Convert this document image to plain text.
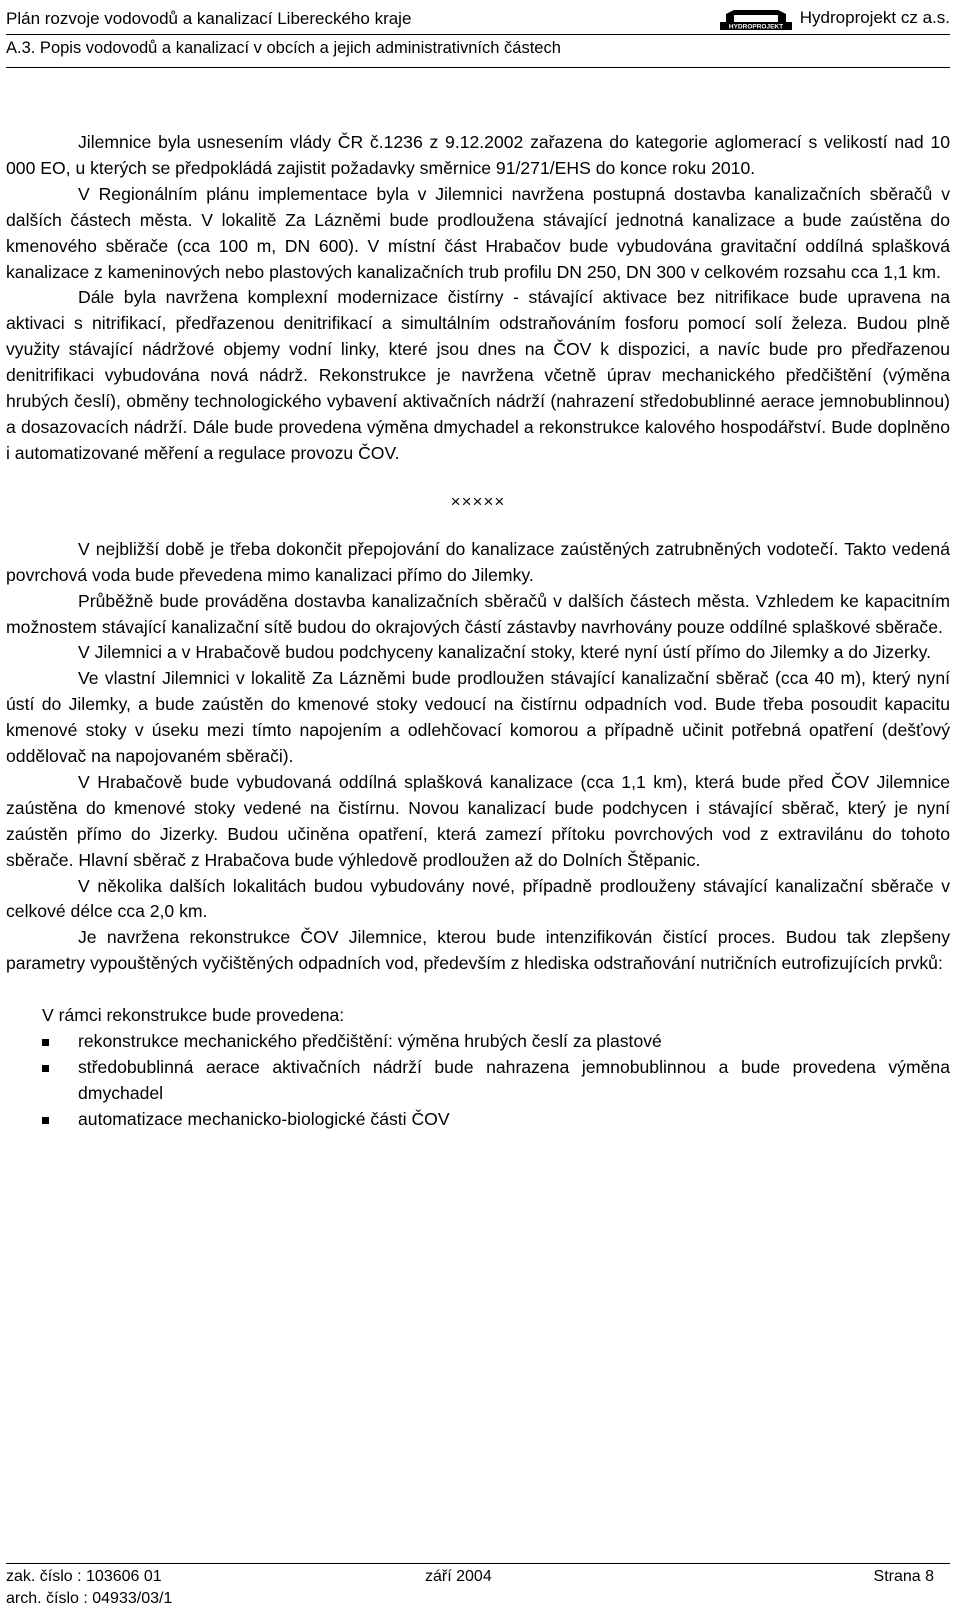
Plán rozvoje vodovodů a kanalizací Libereckého kraje	HYDROPROJEKT Hydroprojekt cz a.s.
A.3. Popis vodovodů a kanalizací v obcích a jejich administrativních částech

Jilemnice byla usnesením vlády ČR č.1236 z 9.12.2002 zařazena do kategorie aglomerací s velikostí nad 10 000 EO, u kterých se předpokládá zajistit požadavky směrnice 91/271/EHS do konce roku 2010.

V Regionálním plánu implementace byla v Jilemnici navržena postupná dostavba kanalizačních sběračů v dalších částech města. V lokalitě Za Lázněmi bude prodloužena stávající jednotná kanalizace a bude zaústěna do kmenového sběrače (cca 100 m, DN 600). V místní část Hrabačov bude vybudována gravitační oddílná splašková kanalizace z kameninových nebo plastových kanalizačních trub profilu DN 250, DN 300 v celkovém rozsahu cca 1,1 km.

Dále byla navržena komplexní modernizace čistírny - stávající aktivace bez nitrifikace bude upravena na aktivaci s nitrifikací, předřazenou denitrifikací a simultálním odstraňováním fosforu pomocí solí železa. Budou plně využity stávající nádržové objemy vodní linky, které jsou dnes na ČOV k dispozici, a navíc bude pro předřazenou denitrifikaci vybudována nová nádrž. Rekonstrukce je navržena včetně úprav mechanického předčištění (výměna hrubých česlí), obměny technologického vybavení aktivačních nádrží (nahrazení středobublinné aerace jemnobublinnou) a dosazovacích nádrží. Dále bude provedena výměna dmychadel a rekonstrukce kalového hospodářství. Bude doplněno i automatizované měření a regulace provozu ČOV.

×××××

V nejbližší době je třeba dokončit přepojování do kanalizace zaústěných zatrubněných vodotečí. Takto vedená povrchová voda bude převedena mimo kanalizaci přímo do Jilemky.

Průběžně bude prováděna dostavba kanalizačních sběračů v dalších částech města. Vzhledem ke kapacitním možnostem stávající kanalizační sítě budou do okrajových částí zástavby navrhovány pouze oddílné splaškové sběrače.

V Jilemnici a v Hrabačově budou podchyceny kanalizační stoky, které nyní ústí přímo do Jilemky a do Jizerky.

Ve vlastní Jilemnici v lokalitě Za Lázněmi bude prodloužen stávající kanalizační sběrač (cca 40 m), který nyní ústí do Jilemky, a bude zaústěn do kmenové stoky vedoucí na čistírnu odpadních vod. Bude třeba posoudit kapacitu kmenové stoky v úseku mezi tímto napojením a odlehčovací komorou a případně učinit potřebná opatření (dešťový oddělovač na napojovaném sběrači).

V Hrabačově bude vybudovaná oddílná splašková kanalizace (cca 1,1 km), která bude před ČOV Jilemnice zaústěna do kmenové stoky vedené na čistírnu. Novou kanalizací bude podchycen i stávající sběrač, který je nyní zaústěn přímo do Jizerky. Budou učiněna opatření, která zamezí přítoku povrchových vod z extravilánu do tohoto sběrače. Hlavní sběrač z Hrabačova bude výhledově prodloužen až do Dolních Štěpanic.

V několika dalších lokalitách budou vybudovány nové, případně prodlouženy stávající kanalizační sběrače v celkové délce cca 2,0 km.

Je navržena rekonstrukce ČOV Jilemnice, kterou bude intenzifikován čistící proces. Budou tak zlepšeny parametry vypouštěných vyčištěných odpadních vod, především z hlediska odstraňování nutričních eutrofizujících prvků:

V rámci rekonstrukce bude provedena:

rekonstrukce mechanického předčištění: výměna hrubých česlí za plastové
středobublinná aerace aktivačních nádrží bude nahrazena jemnobublinnou a bude provedena výměna dmychadel
automatizace mechanicko-biologické části ČOV
zak. číslo : 103606 01	září 2004	Strana 8
arch. číslo : 04933/03/1
